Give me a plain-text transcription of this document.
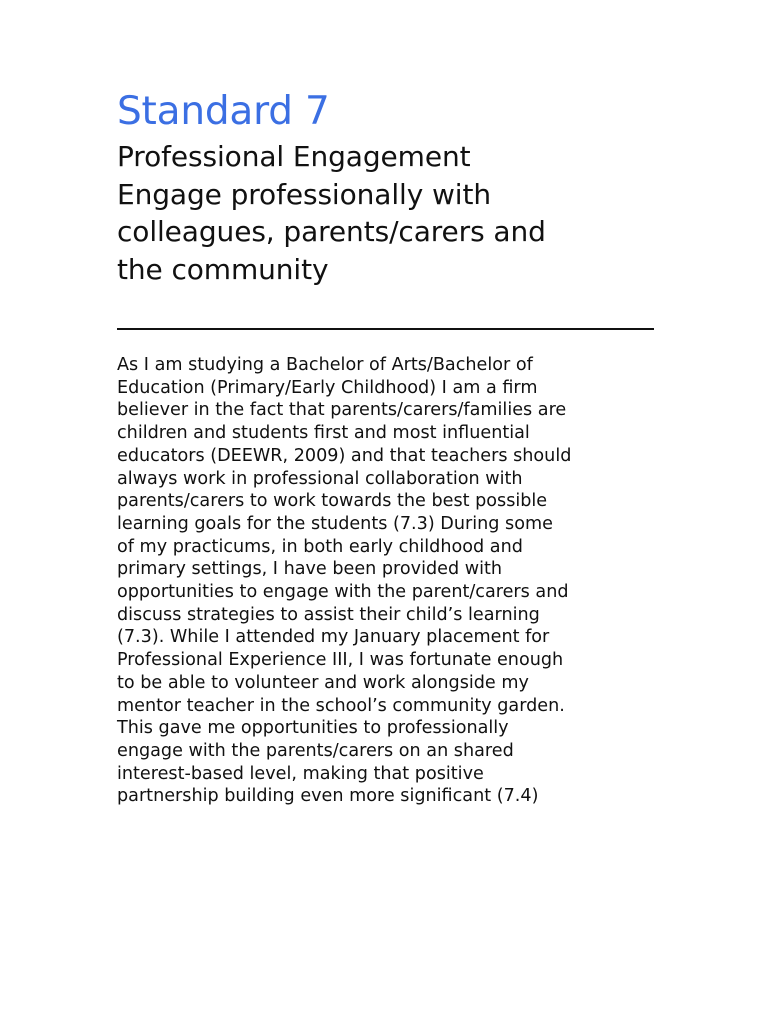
Standard 7
Professional Engagement
Engage professionally with
colleagues, parents/carers and
the community

As I am studying a Bachelor of Arts/Bachelor of
Education (Primary/Early Childhood) I am a firm
believer in the fact that parents/carers/families are
children and students first and most influential
educators (DEEWR, 2009) and that teachers should
always work in professional collaboration with
parents/carers to work towards the best possible
learning goals for the students (7.3) During some
of my practicums, in both early childhood and
primary settings, I have been provided with
opportunities to engage with the parent/carers and
discuss strategies to assist their child’s learning
(7.3). While I attended my January placement for
Professional Experience III, I was fortunate enough
to be able to volunteer and work alongside my
mentor teacher in the school’s community garden.
This gave me opportunities to professionally
engage with the parents/carers on an shared
interest-based level, making that positive
partnership building even more significant (7.4)
